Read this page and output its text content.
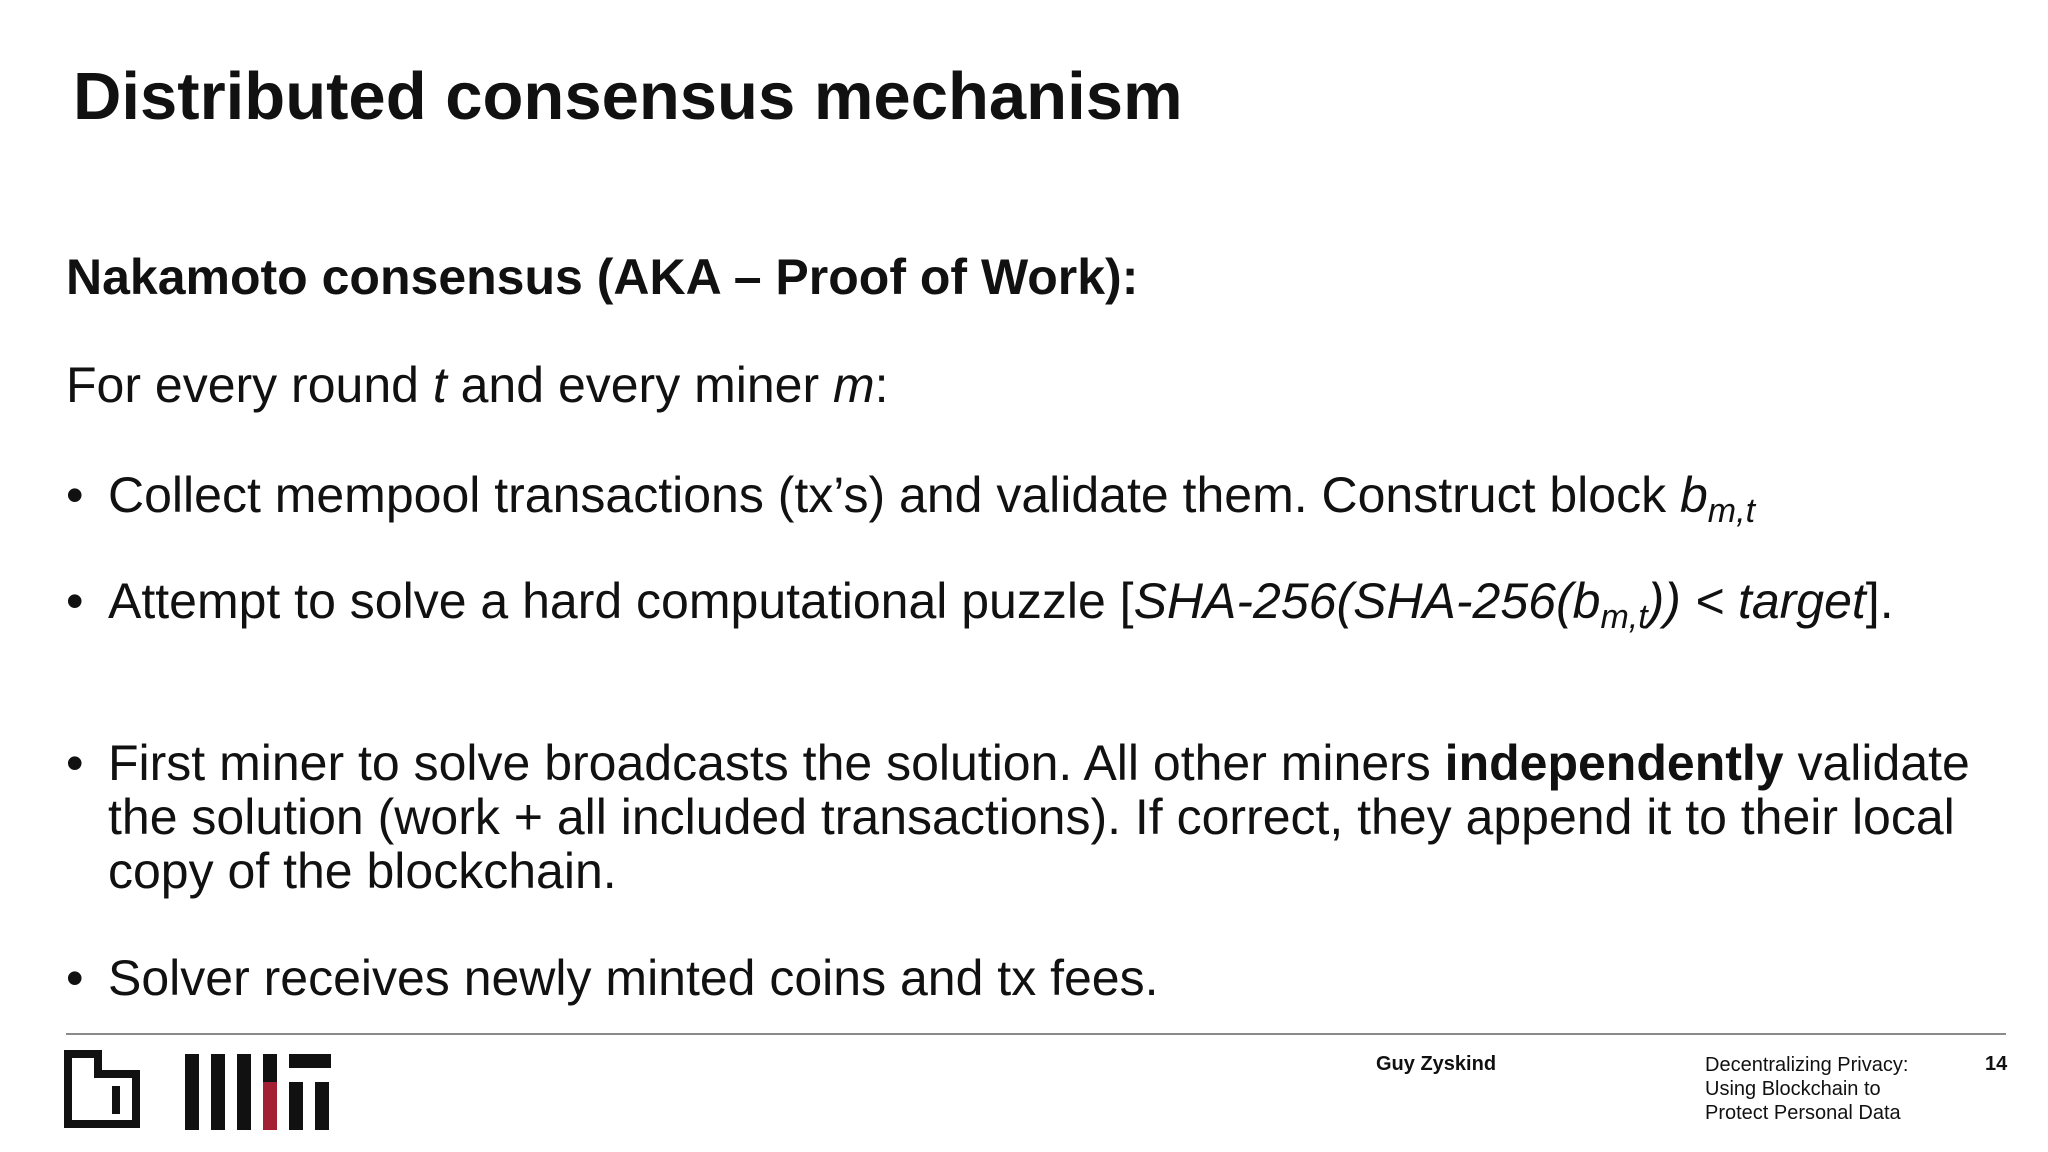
Distributed consensus mechanism
Nakamoto consensus (AKA – Proof of Work):

For every round t and every miner m:

• Collect mempool transactions (tx’s) and validate them. Construct block $b_{m,t}$
• Attempt to solve a hard computational puzzle [$SHA-256(SHA-256(b_{m,t}))$ < target].
• First miner to solve broadcasts the solution. All other miners independently validate the solution (work + all included transactions). If correct, they append it to their local copy of the blockchain.
• Solver receives newly minted coins and tx fees.
Guy Zyskind	Decentralizing Privacy:
Using Blockchain to
Protect Personal Data
14
